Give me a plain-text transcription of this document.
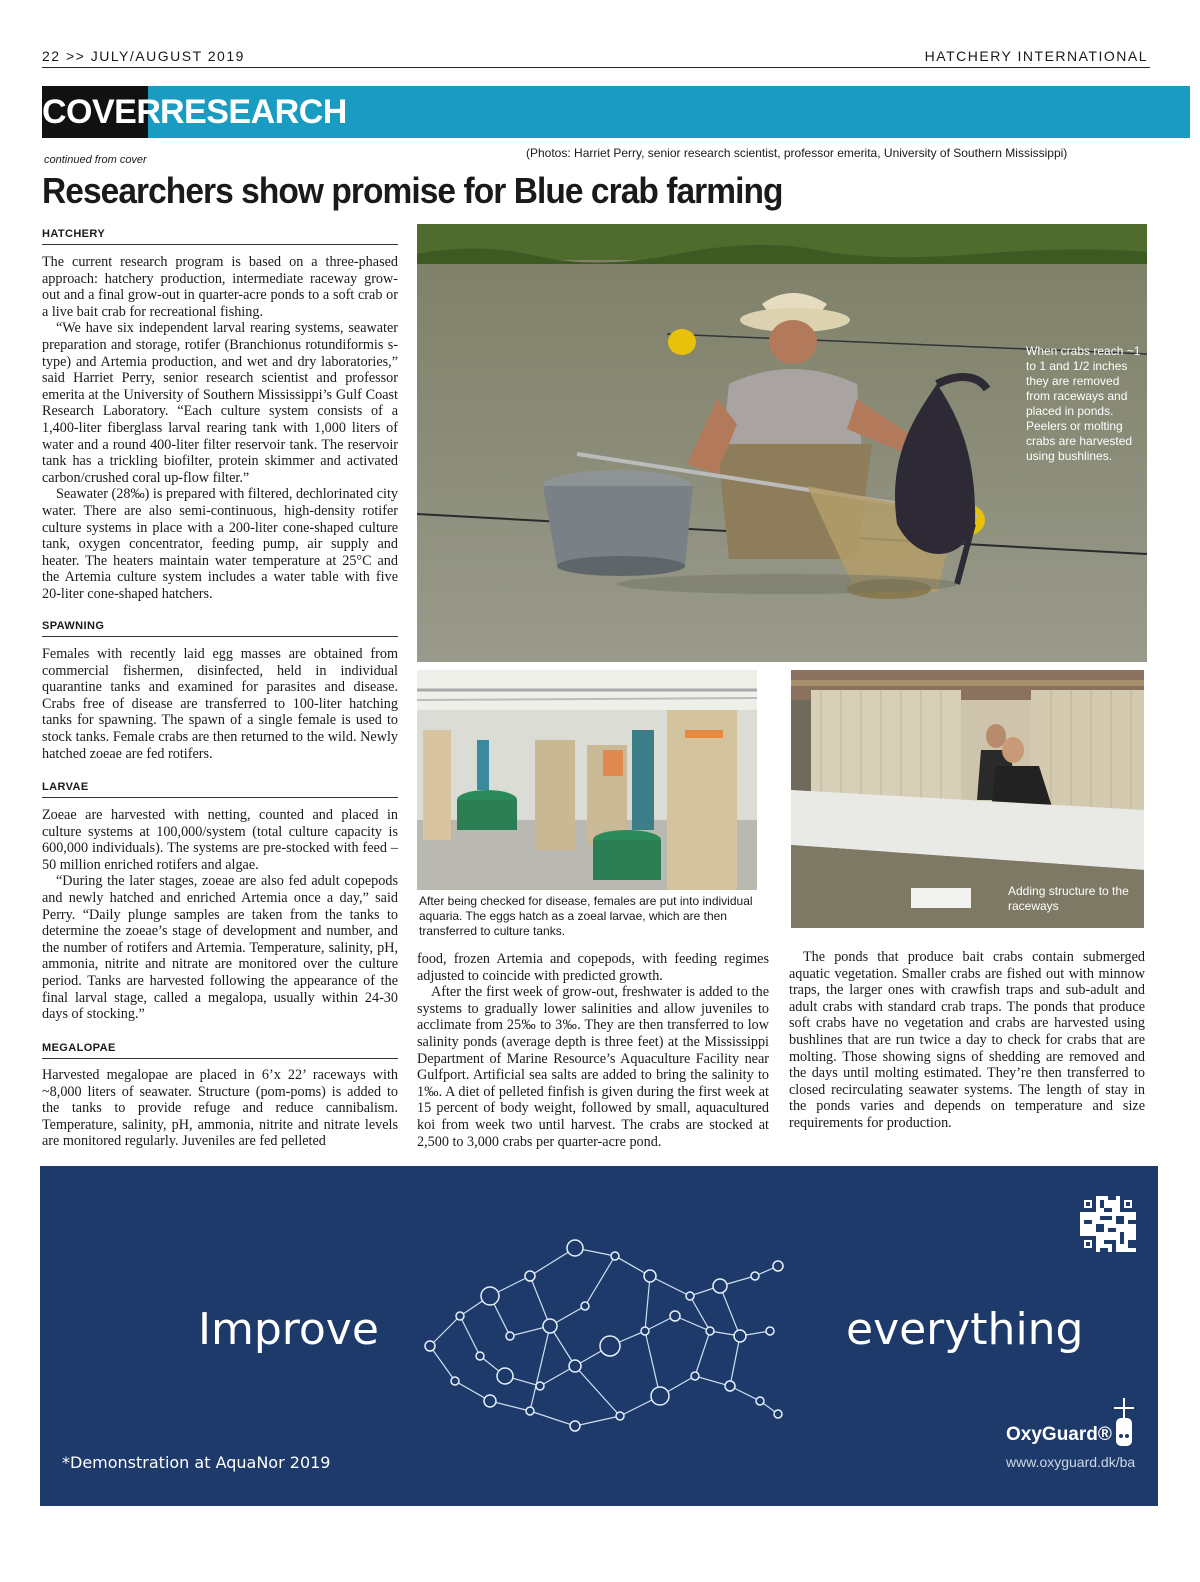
22 >> JULY/AUGUST 2019	HATCHERY INTERNATIONAL
COVER RESEARCH
continued from cover	(Photos: Harriet Perry, senior research scientist, professor emerita, University of Southern Mississippi)
Researchers show promise for Blue crab farming
HATCHERY

The current research program is based on a three-phased approach: hatchery production, intermediate raceway grow-out and a final grow-out in quarter-acre ponds to a soft crab or a live bait crab for recreational fishing.

“We have six independent larval rearing systems, seawater preparation and storage, rotifer (Branchionus rotundiformis s-type) and Artemia production, and wet and dry laboratories,” said Harriet Perry, senior research scientist and professor emerita at the University of Southern Mississippi’s Gulf Coast Research Laboratory. “Each culture system consists of a 1,400-liter fiberglass larval rearing tank with 1,000 liters of water and a round 400-liter filter reservoir tank. The reservoir tank has a trickling biofilter, protein skimmer and activated carbon/crushed coral up-flow filter.”

Seawater (28‰) is prepared with filtered, dechlorinated city water. There are also semi-continuous, high-density rotifer culture systems in place with a 200-liter cone-shaped culture tank, oxygen concentrator, feeding pump, air supply and heater. The heaters maintain water temperature at 25°C and the Artemia culture system includes a water table with five 20-liter cone-shaped hatchers.

SPAWNING

Females with recently laid egg masses are obtained from commercial fishermen, disinfected, held in individual quarantine tanks and examined for parasites and disease. Crabs free of disease are transferred to 100-liter hatching tanks for spawning. The spawn of a single female is used to stock tanks. Female crabs are then returned to the wild. Newly hatched zoeae are fed rotifers.

LARVAE

Zoeae are harvested with netting, counted and placed in culture systems at 100,000/system (total culture capacity is 600,000 individuals). The systems are pre-stocked with feed – 50 million enriched rotifers and algae.

“During the later stages, zoeae are also fed adult copepods and newly hatched and enriched Artemia once a day,” said Perry. “Daily plunge samples are taken from the tanks to determine the zoeae’s stage of development and number, and the number of rotifers and Artemia. Temperature, salinity, pH, ammonia, nitrite and nitrate are monitored over the culture period. Tanks are harvested following the appearance of the final larval stage, called a megalopa, usually within 24-30 days of stocking.”

MEGALOPAE

Harvested megalopae are placed in 6’x 22’ raceways with ~8,000 liters of seawater. Structure (pom-poms) is added to the tanks to provide refuge and reduce cannibalism. Temperature, salinity, pH, ammonia, nitrite and nitrate levels are monitored regularly. Juveniles are fed pelleted

When crabs reach ~1 to 1 and 1/2 inches they are removed from raceways and placed in ponds. Peelers or molting crabs are harvested using bushlines.
After being checked for disease, females are put into individual aquaria. The eggs hatch as a zoeal larvae, which are then transferred to culture tanks.
Adding structure to the raceways

food, frozen Artemia and copepods, with feeding regimes adjusted to coincide with predicted growth.

After the first week of grow-out, freshwater is added to the systems to gradually lower salinities and allow juveniles to acclimate from 25‰ to 3‰. They are then transferred to low salinity ponds (average depth is three feet) at the Mississippi Department of Marine Resource’s Aquaculture Facility near Gulfport. Artificial sea salts are added to bring the salinity to 1‰. A diet of pelleted finfish is given during the first week at 15 percent of body weight, followed by small, aquacultured koi from week two until harvest. The crabs are stocked at 2,500 to 3,000 crabs per quarter-acre pond.

The ponds that produce bait crabs contain submerged aquatic vegetation. Smaller crabs are fished out with minnow traps, the larger ones with crawfish traps and sub-adult and adult crabs with standard crab traps. The ponds that produce soft crabs have no vegetation and crabs are harvested using bushlines that are run twice a day to check for crabs that are molting. Those showing signs of shedding are removed and the days until molting estimated. They’re then transferred to closed recirculating seawater systems. The length of stay in the ponds varies and depends on temperature and size requirements for production.

Improve	everything
OxyGuard®
www.oxyguard.dk/ba
*Demonstration at AquaNor 2019
